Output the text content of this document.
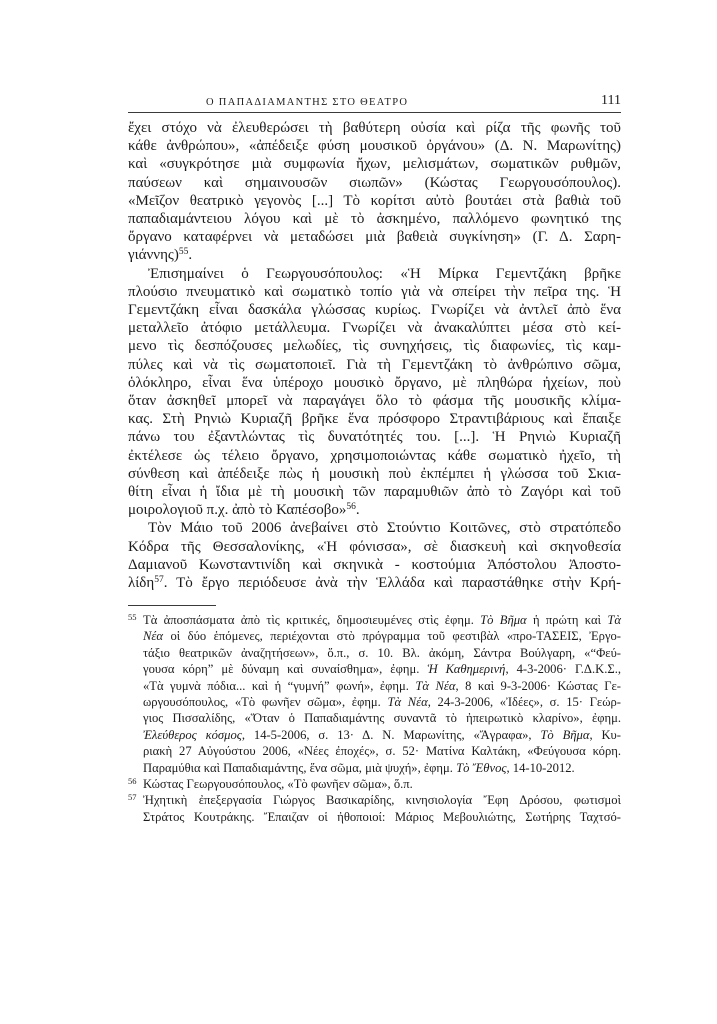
Ο ΠΑΠΑΔΙΑΜΑΝΤΗΣ ΣΤΟ ΘΕΑΤΡΟ	111
ἔχει στόχο νὰ ἐλευθερώσει τὴ βαθύτερη οὐσία καὶ ρίζα τῆς φωνῆς τοῦ
κάθε ἀνθρώπου», «ἀπέδειξε φύση μουσικοῦ ὀργάνου» (Δ. Ν. Μαρωνίτης)
καὶ «συγκρότησε μιὰ συμφωνία ἤχων, μελισμάτων, σωματικῶν ρυθμῶν,
παύσεων καὶ σημαινουσῶν σιωπῶν» (Κώστας Γεωργουσόπουλος).
«Μεῖζον θεατρικὸ γεγονὸς [...] Τὸ κορίτσι αὐτὸ βουτάει στὰ βαθιὰ τοῦ
παπαδιαμάντειου λόγου καὶ μὲ τὸ ἀσκημένο, παλλόμενο φωνητικό της
ὄργανο καταφέρνει νὰ μεταδώσει μιὰ βαθειὰ συγκίνηση» (Γ. Δ. Σαρη-
γιάννης)$^{55}$.
Ἐπισημαίνει ὁ Γεωργουσόπουλος: «Ἡ Μίρκα Γεμεντζάκη βρῆκε
πλούσιο πνευματικὸ καὶ σωματικὸ τοπίο γιὰ νὰ σπείρει τὴν πεῖρα της. Ἡ
Γεμεντζάκη εἶναι δασκάλα γλώσσας κυρίως. Γνωρίζει νὰ ἀντλεῖ ἀπὸ ἕνα
μεταλλεῖο ἀτόφιο μετάλλευμα. Γνωρίζει νὰ ἀνακαλύπτει μέσα στὸ κεί-
μενο τὶς δεσπόζουσες μελωδίες, τὶς συνηχήσεις, τὶς διαφωνίες, τὶς καμ-
πύλες καὶ νὰ τὶς σωματοποιεῖ. Γιὰ τὴ Γεμεντζάκη τὸ ἀνθρώπινο σῶμα,
ὁλόκληρο, εἶναι ἕνα ὑπέροχο μουσικὸ ὄργανο, μὲ πληθώρα ἠχείων, ποὺ
ὅταν ἀσκηθεῖ μπορεῖ νὰ παραγάγει ὅλο τὸ φάσμα τῆς μουσικῆς κλίμα-
κας. Στὴ Ρηνιὼ Κυριαζῆ βρῆκε ἕνα πρόσφορο Στραντιβάριους καὶ ἔπαιξε
πάνω του ἐξαντλώντας τὶς δυνατότητές του. [...]. Ἡ Ρηνιὼ Κυριαζῆ
ἐκτέλεσε ὡς τέλειο ὄργανο, χρησιμοποιώντας κάθε σωματικὸ ἠχεῖο, τὴ
σύνθεση καὶ ἀπέδειξε πὼς ἡ μουσικὴ ποὺ ἐκπέμπει ἡ γλώσσα τοῦ Σκια-
θίτη εἶναι ἡ ἴδια μὲ τὴ μουσικὴ τῶν παραμυθιῶν ἀπὸ τὸ Ζαγόρι καὶ τοῦ
μοιρολογιοῦ π.χ. ἀπὸ τὸ Καπέσοβο»$^{56}$.
Τὸν Μάιο τοῦ 2006 ἀνεβαίνει στὸ Στούντιο Κοιτῶνες, στὸ στρατόπεδο
Κόδρα τῆς Θεσσαλονίκης, «Ἡ φόνισσα», σὲ διασκευὴ καὶ σκηνοθεσία
Δαμιανοῦ Κωνσταντινίδη καὶ σκηνικὰ - κοστούμια Ἀπόστολου Ἀποστο-
λίδη$^{57}$. Τὸ ἔργο περιόδευσε ἀνὰ τὴν Ἑλλάδα καὶ παραστάθηκε στὴν Κρή-
55 Τὰ ἀποσπάσματα ἀπὸ τὶς κριτικές, δημοσιευμένες στὶς ἐφημ. Τὸ Βῆμα ἡ πρώτη καὶ Τὰ
Νέα οἱ δύο ἑπόμενες, περιέχονται στὸ πρόγραμμα τοῦ φεστιβὰλ «προ-ΤΑΣΕΙΣ, Ἐργο-
τάξιο θεατρικῶν ἀναζητήσεων», ὅ.π., σ. 10. Βλ. ἀκόμη, Σάντρα Βούλγαρη, «“Φεύ-
γουσα κόρη” μὲ δύναμη καὶ συναίσθημα», ἐφημ. Ἡ Καθημερινή, 4-3-2006· Γ.Δ.Κ.Σ.,
«Τὰ γυμνὰ πόδια... καὶ ἡ “γυμνή” φωνή», ἐφημ. Τὰ Νέα, 8 καὶ 9-3-2006· Κώστας Γε-
ωργουσόπουλος, «Τὸ φωνῆεν σῶμα», ἐφημ. Τὰ Νέα, 24-3-2006, «Ἰδέες», σ. 15· Γεώρ-
γιος Πισσαλίδης, «Ὅταν ὁ Παπαδιαμάντης συναντᾶ τὸ ἠπειρωτικὸ κλαρίνο», ἐφημ.
Ἐλεύθερος κόσμος, 14-5-2006, σ. 13· Δ. Ν. Μαρωνίτης, «Ἄγραφα», Τὸ Βῆμα, Κυ-
ριακὴ 27 Αὐγούστου 2006, «Νέες ἐποχές», σ. 52· Ματίνα Καλτάκη, «Φεύγουσα κόρη.
Παραμύθια καὶ Παπαδιαμάντης, ἕνα σῶμα, μιὰ ψυχή», ἐφημ. Τὸ Ἔθνος, 14-10-2012.
56 Κώστας Γεωργουσόπουλος, «Τὸ φωνῆεν σῶμα», ὅ.π.
57 Ἠχητικὴ ἐπεξεργασία Γιώργος Βασικαρίδης, κινησιολογία Ἔφη Δρόσου, φωτισμοὶ
Στράτος Κουτράκης. Ἔπαιζαν οἱ ἠθοποιοί: Μάριος Μεβουλιώτης, Σωτήρης Ταχτσό-
